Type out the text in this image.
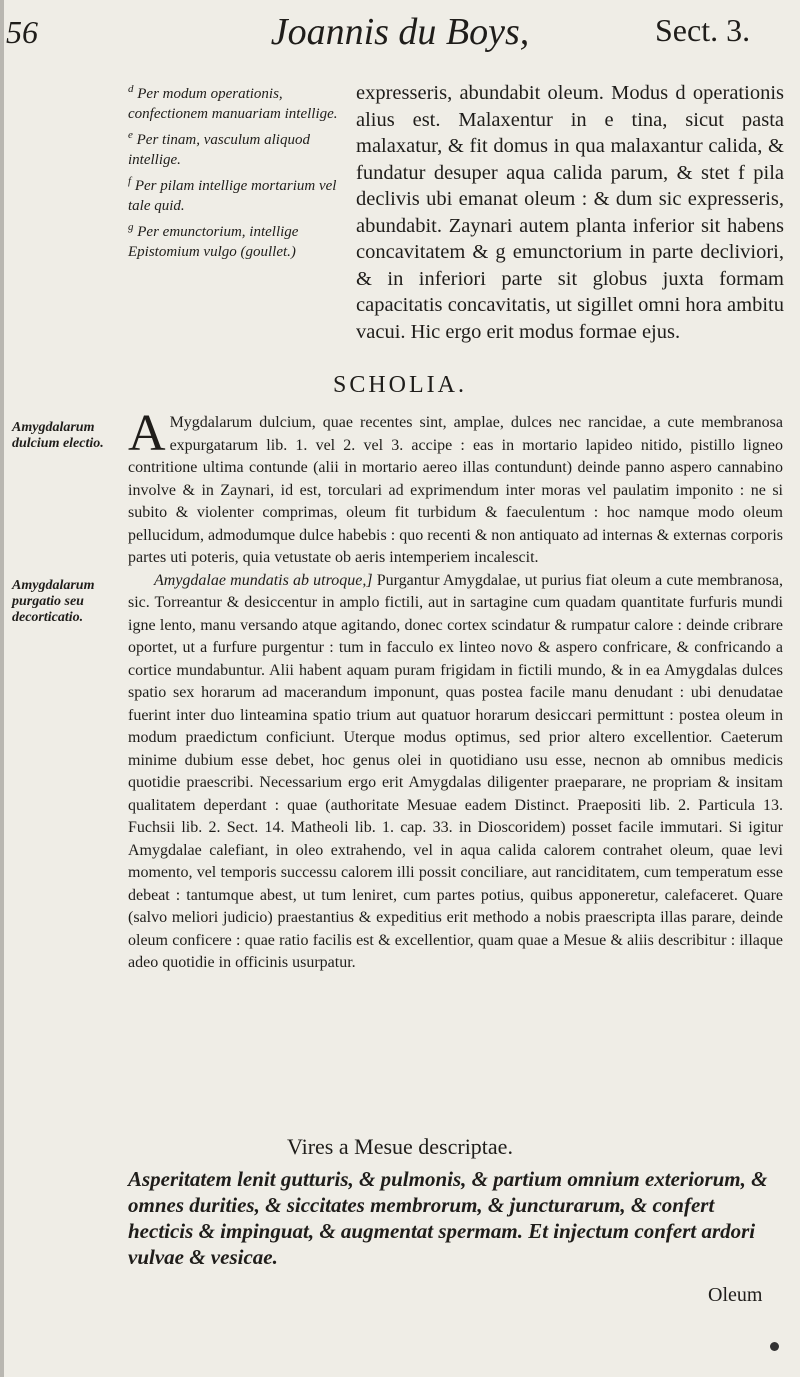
56	Joannis du Boys,	Sect. 3.

$^d$ Per modum operationis, confectionem manuariam intellige.

$^e$ Per tinam, vasculum aliquod intellige.

$^f$ Per pilam intellige mortarium vel tale quid.

$^g$ Per emunctorium, intellige Epistomium vulgo (goullet.)

expresseris, abundabit oleum. Modus d operationis alius est. Malaxentur in e tina, sicut pasta malaxatur, & fit domus in qua malaxantur calida, & fundatur desuper aqua calida parum, & stet f pila declivis ubi emanat oleum : & dum sic expresseris, abundabit. Zaynari autem planta inferior sit habens concavitatem & g emunctorium in parte decliviori, & in inferiori parte sit globus juxta formam capacitatis concavitatis, ut sigillet omni hora ambitu vacui. Hic ergo erit modus formae ejus.
SCHOLIA.
Amygdalarum dulcium electio.
Amygdalarum purgatio seu decorticatio.

A Mygdalarum dulcium, quae recentes sint, amplae, dulces nec rancidae, a cute membranosa expurgatarum lib. 1. vel 2. vel 3. accipe : eas in mortario lapideo nitido, pistillo ligneo contritione ultima contunde (alii in mortario aereo illas contundunt) deinde panno aspero cannabino involve & in Zaynari, id est, torculari ad exprimendum inter moras vel paulatim imponito : ne si subito & violenter comprimas, oleum fit turbidum & faeculentum : hoc namque modo oleum pellucidum, admodumque dulce habebis : quo recenti & non antiquato ad internas & externas corporis partes uti poteris, quia vetustate ob aeris intemperiem incalescit.

Amygdalae mundatis ab utroque,] Purgantur Amygdalae, ut purius fiat oleum a cute membranosa, sic. Torreantur & desiccentur in amplo fictili, aut in sartagine cum quadam quantitate furfuris mundi igne lento, manu versando atque agitando, donec cortex scindatur & rumpatur calore : deinde cribrare oportet, ut a furfure purgentur : tum in facculo ex linteo novo & aspero confricare, & confricando a cortice mundabuntur. Alii habent aquam puram frigidam in fictili mundo, & in ea Amygdalas dulces spatio sex horarum ad macerandum imponunt, quas postea facile manu denudant : ubi denudatae fuerint inter duo linteamina spatio trium aut quatuor horarum desiccari permittunt : postea oleum in modum praedictum conficiunt. Uterque modus optimus, sed prior altero excellentior. Caeterum minime dubium esse debet, hoc genus olei in quotidiano usu esse, necnon ab omnibus medicis quotidie praescribi. Necessarium ergo erit Amygdalas diligenter praeparare, ne propriam & insitam qualitatem deperdant : quae (authoritate Mesuae eadem Distinct. Praepositi lib. 2. Particula 13. Fuchsii lib. 2. Sect. 14. Matheoli lib. 1. cap. 33. in Dioscoridem) posset facile immutari. Si igitur Amygdalae calefiant, in oleo extrahendo, vel in aqua calida calorem contrahet oleum, quae levi momento, vel temporis successu calorem illi possit conciliare, aut ranciditatem, cum temperatum esse debeat : tantumque abest, ut tum leniret, cum partes potius, quibus apponeretur, calefaceret. Quare (salvo meliori judicio) praestantius & expeditius erit methodo a nobis praescripta illas parare, deinde oleum conficere : quae ratio facilis est & excellentior, quam quae a Mesue & aliis describitur : illaque adeo quotidie in officinis usurpatur.

Vires a Mesue descriptae.
Asperitatem lenit gutturis, & pulmonis, & partium omnium exteriorum, & omnes durities, & siccitates membrorum, & juncturarum, & confert hecticis & impinguat, & augmentat spermam. Et injectum confert ardori vulvae & vesicae.
Oleum
